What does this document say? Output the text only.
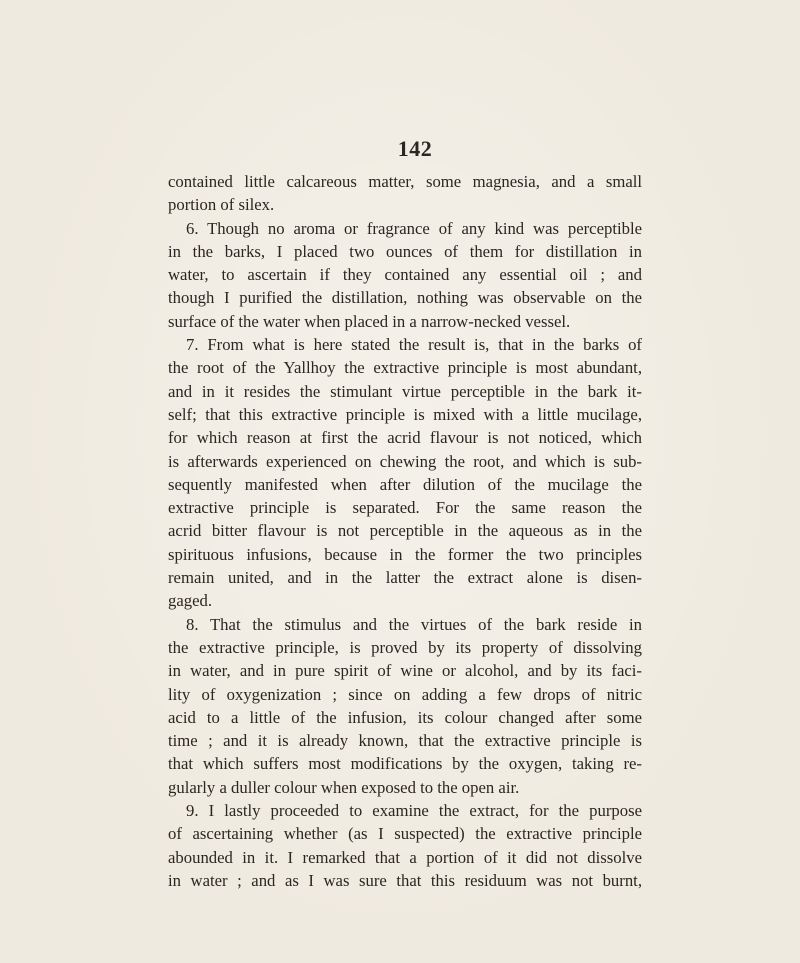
142
contained little calcareous matter, some magnesia, and a small
portion of silex.
6. Though no aroma or fragrance of any kind was perceptible
in the barks, I placed two ounces of them for distillation in
water, to ascertain if they contained any essential oil ; and
though I purified the distillation, nothing was observable on the
surface of the water when placed in a narrow-necked vessel.
7. From what is here stated the result is, that in the barks of
the root of the Yallhoy the extractive principle is most abundant,
and in it resides the stimulant virtue perceptible in the bark it-
self; that this extractive principle is mixed with a little mucilage,
for which reason at first the acrid flavour is not noticed, which
is afterwards experienced on chewing the root, and which is sub-
sequently manifested when after dilution of the mucilage the
extractive principle is separated. For the same reason the
acrid bitter flavour is not perceptible in the aqueous as in the
spirituous infusions, because in the former the two principles
remain united, and in the latter the extract alone is disen-
gaged.
8. That the stimulus and the virtues of the bark reside in
the extractive principle, is proved by its property of dissolving
in water, and in pure spirit of wine or alcohol, and by its faci-
lity of oxygenization ; since on adding a few drops of nitric
acid to a little of the infusion, its colour changed after some
time ; and it is already known, that the extractive principle is
that which suffers most modifications by the oxygen, taking re-
gularly a duller colour when exposed to the open air.
9. I lastly proceeded to examine the extract, for the purpose
of ascertaining whether (as I suspected) the extractive principle
abounded in it. I remarked that a portion of it did not dissolve
in water ; and as I was sure that this residuum was not burnt,
